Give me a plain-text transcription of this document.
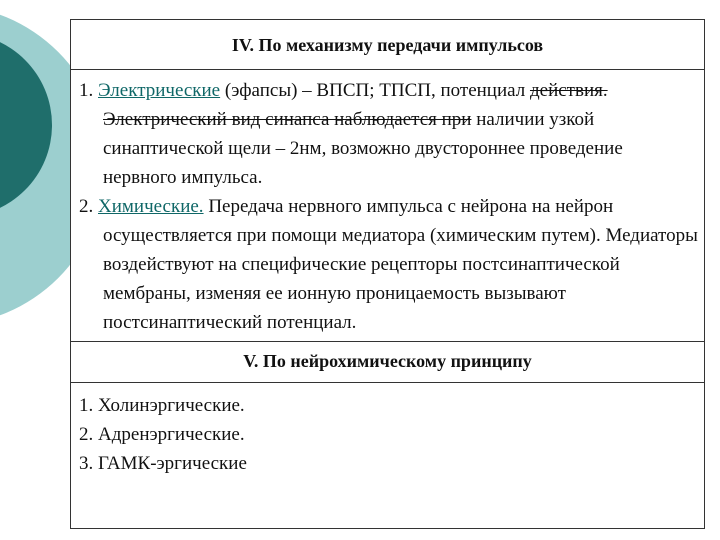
IV. По механизму передачи импульсов

1. Электрические (эфапсы) – ВПСП; ТПСП, потенциал действия. Электрический вид синапса наблюдается при наличии узкой синаптической щели – 2нм, возможно двустороннее проведение нервного импульса.

2. Химические. Передача нервного импульса с нейрона на нейрон осуществляется при помощи медиатора (химическим путем). Медиаторы воздействуют на специфические рецепторы постсинаптической мембраны, изменяя ее ионную проницаемость вызывают постсинаптический потенциал.

V. По нейрохимическому принципу

1. Холинэргические.

2. Адренэргические.

3. ГАМК-эргические
